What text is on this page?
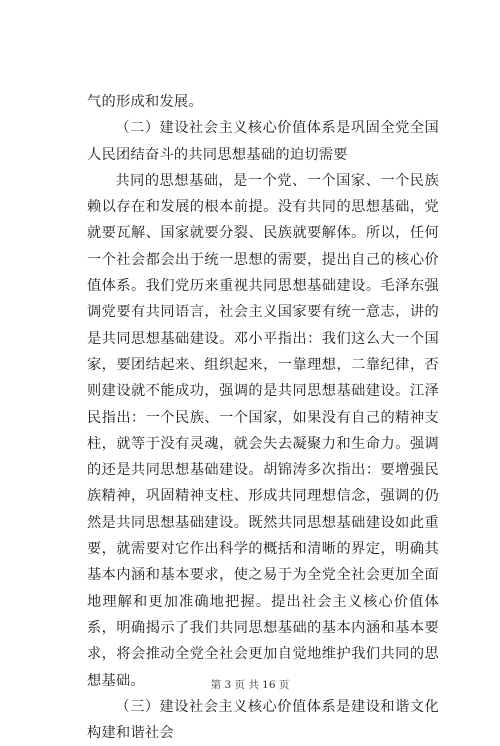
气的形成和发展。

（二）建设社会主义核心价值体系是巩固全党全国人民团结奋斗的共同思想基础的迫切需要

共同的思想基础，是一个党、一个国家、一个民族赖以存在和发展的根本前提。没有共同的思想基础，党就要瓦解、国家就要分裂、民族就要解体。所以，任何一个社会都会出于统一思想的需要，提出自己的核心价值体系。我们党历来重视共同思想基础建设。毛泽东强调党要有共同语言，社会主义国家要有统一意志，讲的是共同思想基础建设。邓小平指出：我们这么大一个国家，要团结起来、组织起来，一靠理想，二靠纪律，否则建设就不能成功，强调的是共同思想基础建设。江泽民指出：一个民族、一个国家，如果没有自己的精神支柱，就等于没有灵魂，就会失去凝聚力和生命力。强调的还是共同思想基础建设。胡锦涛多次指出：要增强民族精神，巩固精神支柱、形成共同理想信念，强调的仍然是共同思想基础建设。既然共同思想基础建设如此重要，就需要对它作出科学的概括和清晰的界定，明确其基本内涵和基本要求，使之易于为全党全社会更加全面地理解和更加准确地把握。提出社会主义核心价值体系，明确揭示了我们共同思想基础的基本内涵和基本要求，将会推动全党全社会更加自觉地维护我们共同的思想基础。

（三）建设社会主义核心价值体系是建设和谐文化构建和谐社会

第 3 页 共 16 页
